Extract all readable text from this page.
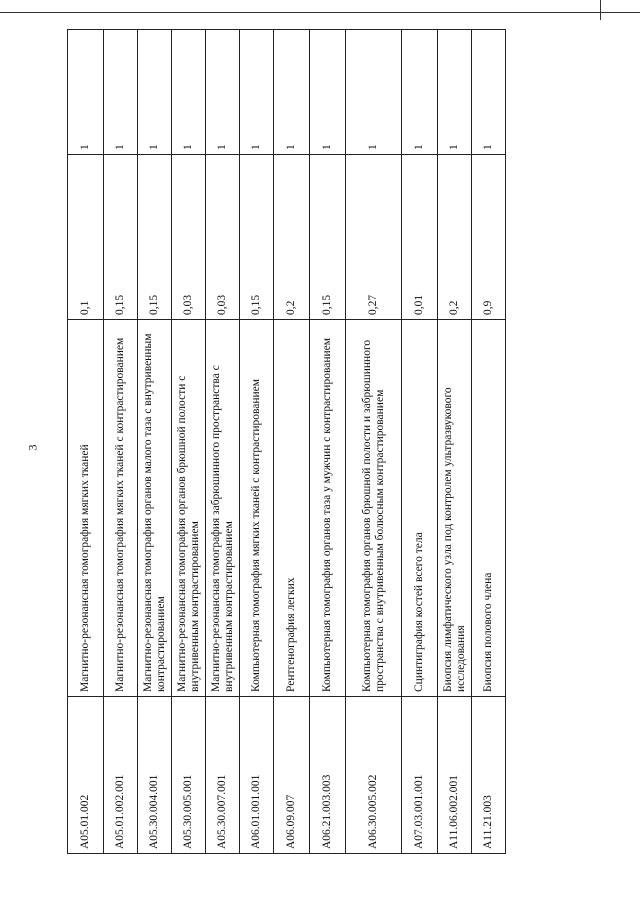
3
A05.01.002	Магнитно-резонансная томография мягких тканей	0,1	1
A05.01.002.001	Магнитно-резонансная томография мягких тканей с контрастированием	0,15	1
A05.30.004.001	Магнитно-резонансная томография органов малого таза с внутривенным контрастированием	0,15	1
A05.30.005.001	Магнитно-резонансная томография органов брюшной полости с внутривенным контрастированием	0,03	1
A05.30.007.001	Магнитно-резонансная томография забрюшинного пространства с внутривенным контрастированием	0,03	1
A06.01.001.001	Компьютерная томография мягких тканей с контрастированием	0,15	1
A06.09.007	Рентгенография легких	0,2	1
A06.21.003.003	Компьютерная томография органов таза у мужчин с контрастированием	0,15	1
A06.30.005.002	Компьютерная томография органов брюшной полости и забрюшинного пространства с внутривенным болюсным контрастированием	0,27	1
A07.03.001.001	Сцинтиграфия костей всего тела	0,01	1
A11.06.002.001	Биопсия лимфатического узла под контролем ультразвукового исследования	0,2	1
A11.21.003	Биопсия полового члена	0,9	1
